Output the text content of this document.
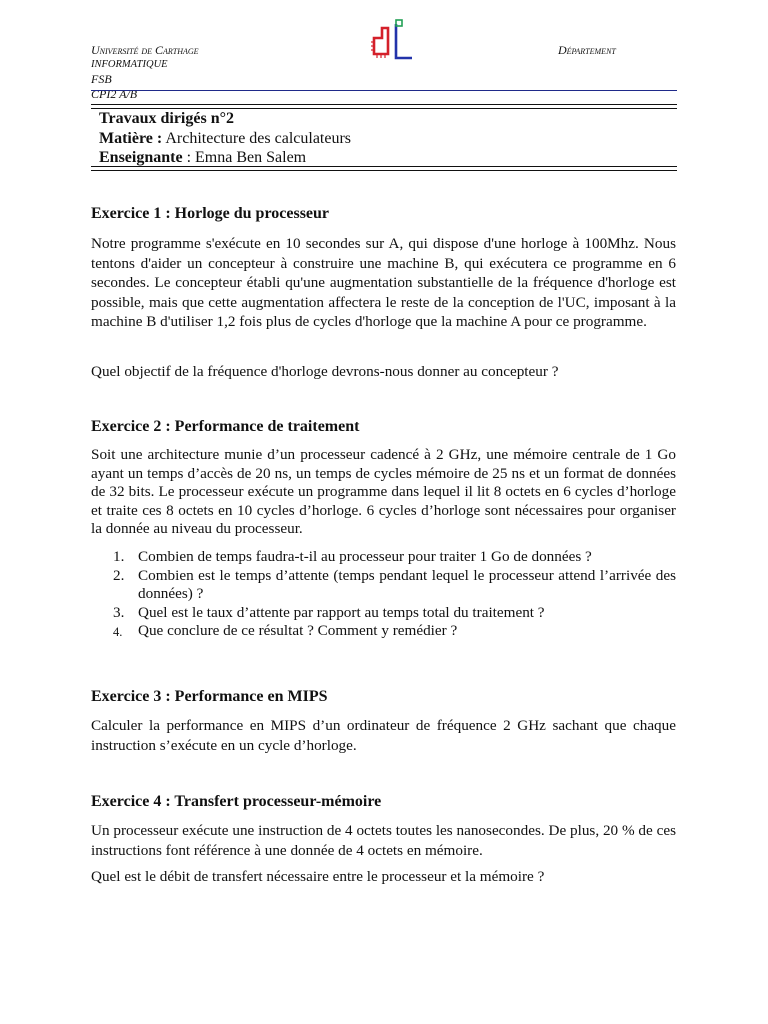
Université de Carthage
INFORMATIQUE
FSB
CPI2 A/B
Département
Travaux dirigés n°2
Matière : Architecture des calculateurs
Enseignante : Emna Ben Salem
Exercice 1 : Horloge du processeur
Notre programme s'exécute en 10 secondes sur A, qui dispose d'une horloge à 100Mhz. Nous tentons d'aider un concepteur à construire une machine B, qui exécutera ce programme en 6 secondes. Le concepteur établi qu'une augmentation substantielle de la fréquence d'horloge est possible, mais que cette augmentation affectera le reste de la conception de l'UC, imposant à la machine B d'utiliser 1,2 fois plus de cycles d'horloge que la machine A pour ce programme.
Quel objectif de la fréquence d'horloge devrons-nous donner au concepteur ?
Exercice 2 : Performance de traitement
Soit une architecture munie d’un processeur cadencé à 2 GHz, une mémoire centrale de 1 Go ayant un temps d’accès de 20 ns, un temps de cycles mémoire de 25 ns et un format de données de 32 bits. Le processeur exécute un programme dans lequel il lit 8 octets en 6 cycles d’horloge et traite ces 8 octets en 10 cycles d’horloge. 6 cycles d’horloge sont nécessaires pour organiser la donnée au niveau du processeur.
1. Combien de temps faudra-t-il au processeur pour traiter 1 Go de données ?
2. Combien est le temps d’attente (temps pendant lequel le processeur attend l’arrivée des données) ?
3. Quel est le taux d’attente par rapport au temps total du traitement ?
4. Que conclure de ce résultat ? Comment y remédier ?
Exercice 3 : Performance en MIPS
Calculer la performance en MIPS d’un ordinateur de fréquence 2 GHz sachant que chaque instruction s’exécute en un cycle d’horloge.
Exercice 4 : Transfert processeur-mémoire
Un processeur exécute une instruction de 4 octets toutes les nanosecondes. De plus, 20 % de ces instructions font référence à une donnée de 4 octets en mémoire.
Quel est le débit de transfert nécessaire entre le processeur et la mémoire ?
